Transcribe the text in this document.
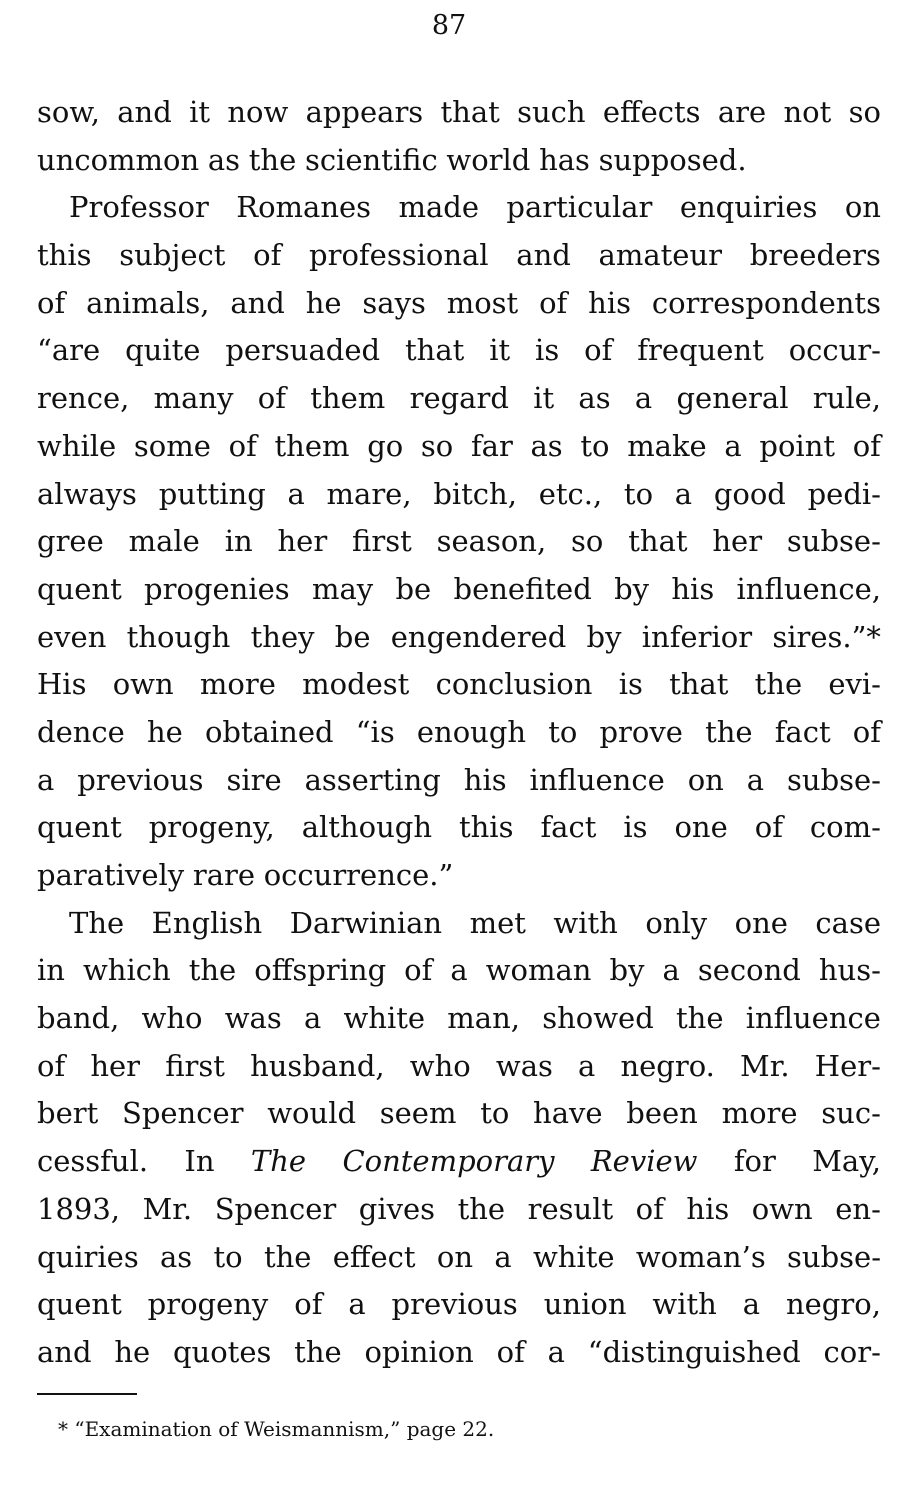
87
sow, and it now appears that such effects are not so
uncommon as the scientific world has supposed.
Professor Romanes made particular enquiries on
this subject of professional and amateur breeders
of animals, and he says most of his correspondents
“are quite persuaded that it is of frequent occur-
rence, many of them regard it as a general rule,
while some of them go so far as to make a point of
always putting a mare, bitch, etc., to a good pedi-
gree male in her first season, so that her subse-
quent progenies may be benefited by his influence,
even though they be engendered by inferior sires.”*
His own more modest conclusion is that the evi-
dence he obtained “is enough to prove the fact of
a previous sire asserting his influence on a subse-
quent progeny, although this fact is one of com-
paratively rare occurrence.”
The English Darwinian met with only one case
in which the offspring of a woman by a second hus-
band, who was a white man, showed the influence
of her first husband, who was a negro. Mr. Her-
bert Spencer would seem to have been more suc-
cessful. In The Contemporary Review for May,
1893, Mr. Spencer gives the result of his own en-
quiries as to the effect on a white woman’s subse-
quent progeny of a previous union with a negro,
and he quotes the opinion of a “distinguished cor-
* “Examination of Weismannism,” page 22.
